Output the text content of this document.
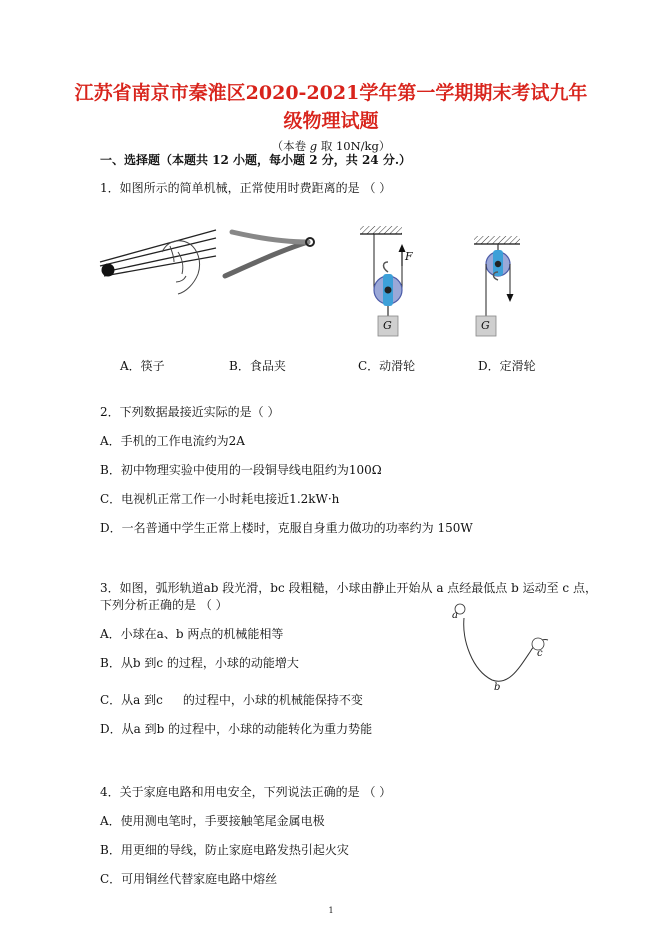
江苏省南京市秦淮区2020-2021学年第一学期期末考试九年
级物理试题
（本卷 g 取 10N/kg）
一、选择题（本题共 12 小题，每小题 2 分，共 24 分.）
1．如图所示的简单机械，正常使用时费距离的是 （ ）
F
G	G
A．筷子	B．食品夹	C．动滑轮	D．定滑轮
2．下列数据最接近实际的是（ ）
A．手机的工作电流约为2A
B．初中物理实验中使用的一段铜导线电阻约为100Ω
C．电视机正常工作一小时耗电接近1.2kW·h
D．一名普通中学生正常上楼时，克服自身重力做功的功率约为 150W
3．如图，弧形轨道ab 段光滑，bc 段粗糙，小球由静止开始从 a 点经最低点 b 运动至 c 点，
下列分析正确的是 （ ）
A．小球在a、b 两点的机械能相等
B．从b 到c 的过程，小球的动能增大
C．从a 到c 的过程中，小球的机械能保持不变
D．从a 到b 的过程中，小球的动能转化为重力势能
a
b
c
4．关于家庭电路和用电安全，下列说法正确的是 （ ）
A．使用测电笔时，手要接触笔尾金属电极
B．用更细的导线，防止家庭电路发热引起火灾
C．可用铜丝代替家庭电路中熔丝
1
